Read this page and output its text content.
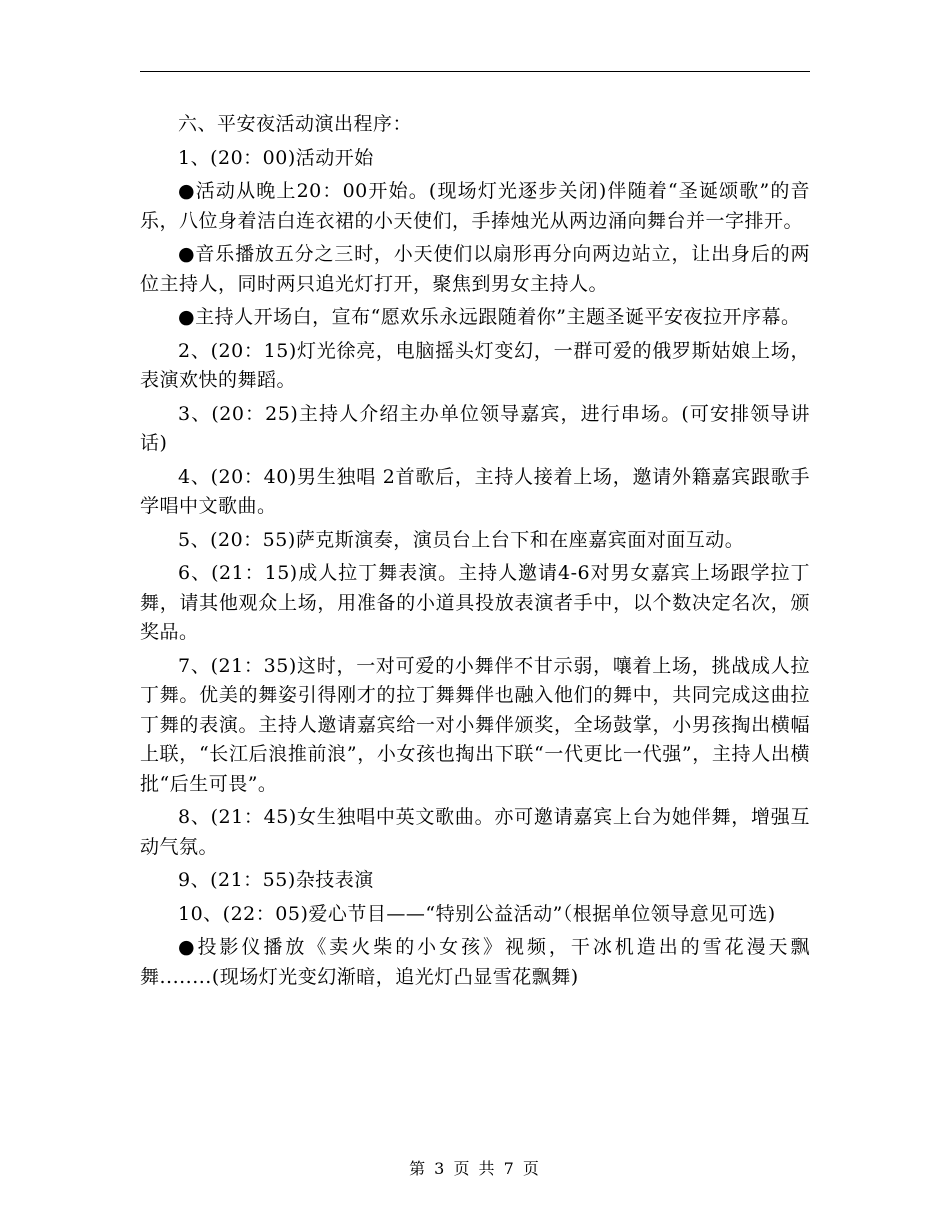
六、平安夜活动演出程序：

1、(20：00)活动开始

●活动从晚上20：00开始。(现场灯光逐步关闭)伴随着“圣诞颂歌”的音乐，八位身着洁白连衣裙的小天使们，手捧烛光从两边涌向舞台并一字排开。

●音乐播放五分之三时，小天使们以扇形再分向两边站立，让出身后的两位主持人，同时两只追光灯打开，聚焦到男女主持人。

●主持人开场白，宣布“愿欢乐永远跟随着你”主题圣诞平安夜拉开序幕。

2、(20：15)灯光徐亮，电脑摇头灯变幻，一群可爱的俄罗斯姑娘上场，表演欢快的舞蹈。

3、(20：25)主持人介绍主办单位领导嘉宾，进行串场。(可安排领导讲话)

4、(20：40)男生独唱 2首歌后，主持人接着上场，邀请外籍嘉宾跟歌手学唱中文歌曲。

5、(20：55)萨克斯演奏，演员台上台下和在座嘉宾面对面互动。

6、(21：15)成人拉丁舞表演。主持人邀请4-6对男女嘉宾上场跟学拉丁舞，请其他观众上场，用准备的小道具投放表演者手中，以个数决定名次，颁奖品。

7、(21：35)这时，一对可爱的小舞伴不甘示弱，嚷着上场，挑战成人拉丁舞。优美的舞姿引得刚才的拉丁舞舞伴也融入他们的舞中，共同完成这曲拉丁舞的表演。主持人邀请嘉宾给一对小舞伴颁奖，全场鼓掌，小男孩掏出横幅上联，“长江后浪推前浪”，小女孩也掏出下联“一代更比一代强”，主持人出横批“后生可畏”。

8、(21：45)女生独唱中英文歌曲。亦可邀请嘉宾上台为她伴舞，增强互动气氛。

9、(21：55)杂技表演

10、(22：05)爱心节目——“特别公益活动”（根据单位领导意见可选)

●投影仪播放《卖火柴的小女孩》视频，干冰机造出的雪花漫天飘舞........(现场灯光变幻渐暗，追光灯凸显雪花飘舞)

第 3 页 共 7 页
